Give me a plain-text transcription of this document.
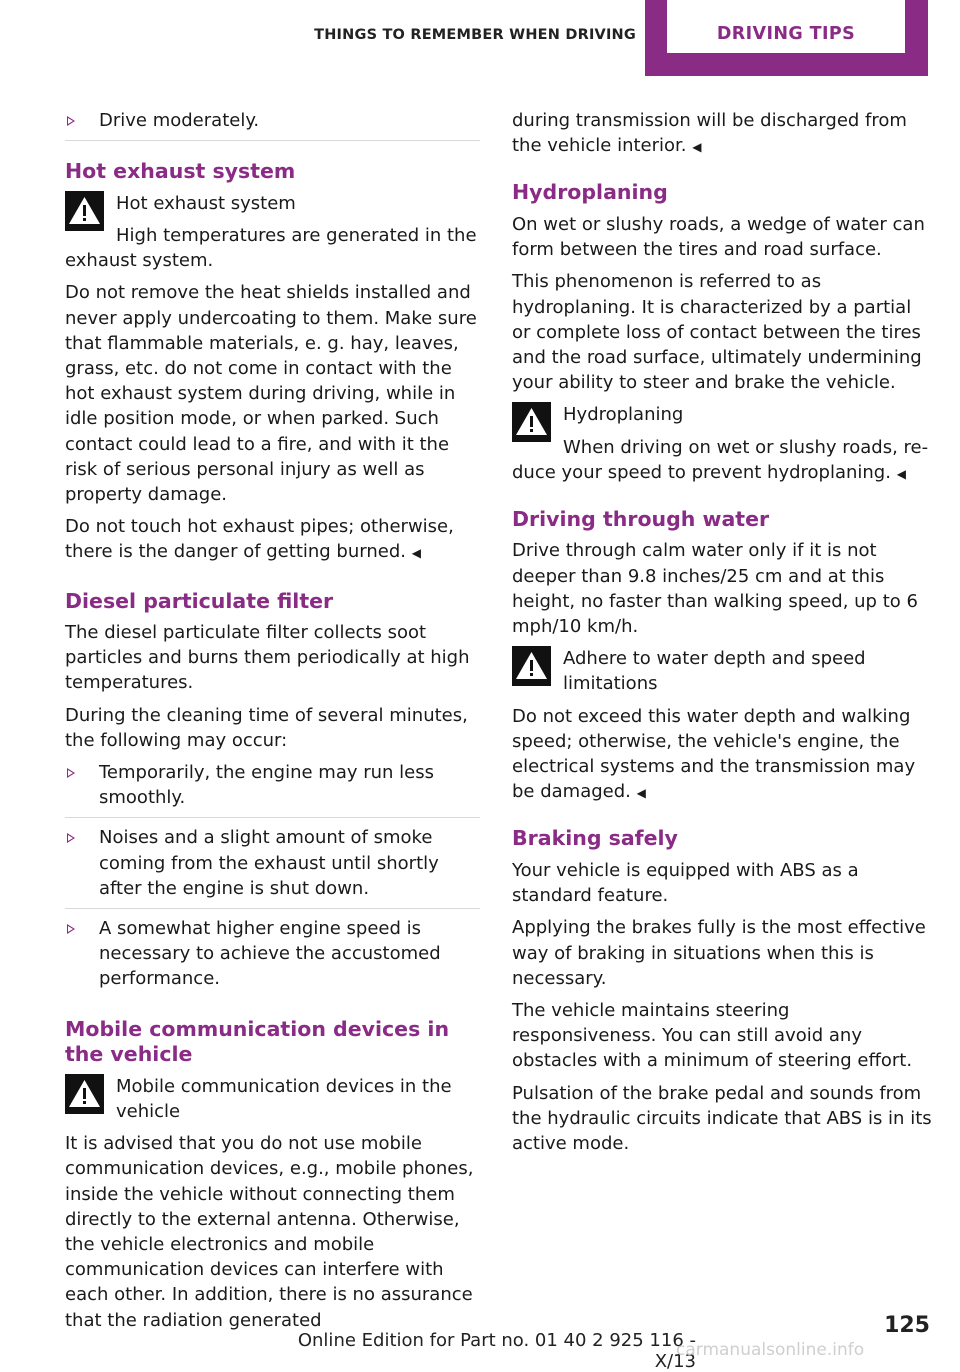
THINGS TO REMEMBER WHEN DRIVING	DRIVING TIPS
Drive moderately.
Hot exhaust system
Hot exhaust system
High temperatures are generated in the

exhaust system.

Do not remove the heat shields installed and never apply undercoating to them. Make sure that flammable materials, e. g. hay, leaves, grass, etc. do not come in contact with the hot exhaust system during driving, while in idle position mode, or when parked. Such contact could lead to a fire, and with it the risk of serious personal injury as well as property damage.

Do not touch hot exhaust pipes; otherwise, there is the danger of getting burned. ◀

Diesel particulate filter

The diesel particulate filter collects soot particles and burns them periodically at high temperatures.

During the cleaning time of several minutes, the following may occur:

Temporarily, the engine may run less smoothly.
Noises and a slight amount of smoke coming from the exhaust until shortly after the engine is shut down.
A somewhat higher engine speed is necessary to achieve the accustomed performance.
Mobile communication devices in the vehicle
Mobile communication devices in the vehicle

It is advised that you do not use mobile communication devices, e.g., mobile phones, inside the vehicle without connecting them directly to the external antenna. Otherwise, the vehicle electronics and mobile communication devices can interfere with each other. In addition, there is no assurance that the radiation generated

during transmission will be discharged from the vehicle interior. ◀

Hydroplaning

On wet or slushy roads, a wedge of water can form between the tires and road surface.

This phenomenon is referred to as hydroplaning. It is characterized by a partial or complete loss of contact between the tires and the road surface, ultimately undermining your ability to steer and brake the vehicle.

Hydroplaning
When driving on wet or slushy roads, re-

duce your speed to prevent hydroplaning. ◀

Driving through water

Drive through calm water only if it is not deeper than 9.8 inches/25 cm and at this height, no faster than walking speed, up to 6 mph/10 km/h.

Adhere to water depth and speed limitations

Do not exceed this water depth and walking speed; otherwise, the vehicle's engine, the electrical systems and the transmission may be damaged. ◀

Braking safely

Your vehicle is equipped with ABS as a standard feature.

Applying the brakes fully is the most effective way of braking in situations when this is necessary.

The vehicle maintains steering responsiveness. You can still avoid any obstacles with a minimum of steering effort.

Pulsation of the brake pedal and sounds from the hydraulic circuits indicate that ABS is in its active mode.

125
Online Edition for Part no. 01 40 2 925 116 - X/13
carmanualsonline.info
